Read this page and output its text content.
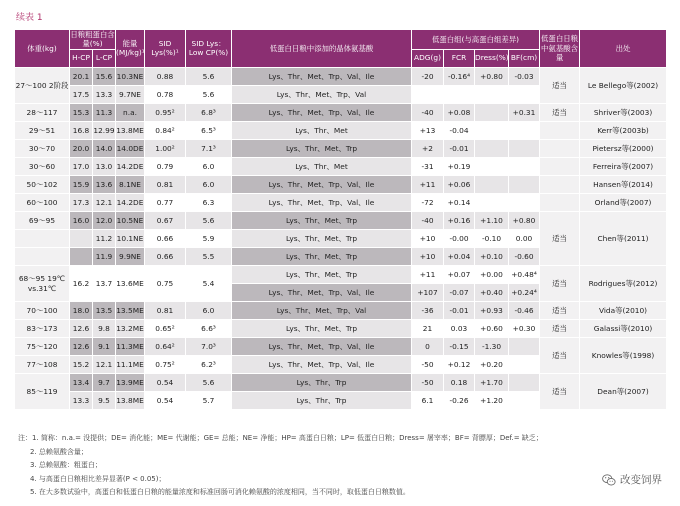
续表 1
体重(kg)	日粮粗蛋白含量(%)		能量(MJ/kg)¹	SID Lys(%)¹	SID Lys：Low CP(%)	低蛋白日粮中添加的晶体氨基酸	低蛋白组(与高蛋白组差异)				低蛋白日粮中氨基酸含量	出处
	H-CP	L-CP					ADG(g)	FCR	Dress(%)	BF(cm)		
27～100 2阶段	20.1	15.6	10.3NE	0.88	5.6	Lys、Thr、Met、Trp、Val、Ile	-20	-0.16⁴	+0.80	-0.03	适当	Le Bellego等(2002)
	17.5	13.3	9.7NE	0.78	5.6	Lys、Thr、Met、Trp、Val						
28～117	15.3	11.3	n.a.	0.95²	6.8³	Lys、Thr、Met、Trp、Val、Ile	-40	+0.08		+0.31	适当	Shriver等(2003)
29～51	16.8	12.99	13.8ME	0.84²	6.5³	Lys、Thr、Met	+13	-0.04				Kerr等(2003b)
30～70	20.0	14.0	14.0DE	1.00²	7.1³	Lys、Thr、Met、Trp	+2	-0.01				Pietersz等(2000)
30～60	17.0	13.0	14.2DE	0.79	6.0	Lys、Thr、Met	-31	+0.19				Ferreira等(2007)
50～102	15.9	13.6	8.1NE	0.81	6.0	Lys、Thr、Met、Trp、Val、Ile	+11	+0.06				Hansen等(2014)
60～100	17.3	12.1	14.2DE	0.77	6.3	Lys、Thr、Met、Trp、Val、Ile	-72	+0.14				Orland等(2007)
69～95	16.0	12.0	10.5NE	0.67	5.6	Lys、Thr、Met、Trp	-40	+0.16	+1.10	+0.80	适当	Chen等(2011)
		11.2	10.1NE	0.66	5.9	Lys、Thr、Met、Trp	+10	-0.00	-0.10	0.00		
		11.9	9.9NE	0.66	5.5	Lys、Thr、Met、Trp	+10	+0.04	+0.10	-0.60		
68～95 19℃ vs.31℃	16.2	13.7	13.6ME	0.75	5.4	Lys、Thr、Met、Trp	+11	+0.07	+0.00	+0.48⁴	适当	Rodrigues等(2012)
						Lys、Thr、Met、Trp、Val、Ile	+107	-0.07	+0.40	+0.24⁴		
70～100	18.0	13.5	13.5ME	0.81	6.0	Lys、Thr、Met、Trp、Val	-36	-0.01	+0.93	-0.46	适当	Vida等(2010)
83～173	12.6	9.8	13.2ME	0.65²	6.6³	Lys、Thr、Met、Trp	21	0.03	+0.60	+0.30	适当	Galassi等(2010)
75～120	12.6	9.1	11.3ME	0.64²	7.0³	Lys、Thr、Met、Trp、Val、Ile	0	-0.15	-1.30		适当	Knowles等(1998)
77～108	15.2	12.1	11.1ME	0.75²	6.2³	Lys、Thr、Met、Trp、Val、Ile	-50	+0.12	+0.20			
85～119	13.4	9.7	13.9ME	0.54	5.6	Lys、Thr、Trp	-50	0.18	+1.70		适当	Dean等(2007)
	13.3	9.5	13.8ME	0.54	5.7	Lys、Thr、Trp	6.1	-0.26	+1.20			
注：1. 简称：n.a.= 没提供；DE= 消化能；ME= 代谢能；GE= 总能；NE= 净能；HP= 高蛋白日粮；LP= 低蛋白日粮；Dress= 屠宰率；BF= 背膘厚；Def.= 缺乏；
2. 总赖氨酸含量；
3. 总赖氨酸：粗蛋白；
4. 与高蛋白日粮相比差异显著(P < 0.05)；
5. 在大多数试验中，高蛋白和低蛋白日粮的能量浓度和标准回肠可消化赖氨酸的浓度相同，当不同时，取低蛋白日粮数值。
改变饲界
